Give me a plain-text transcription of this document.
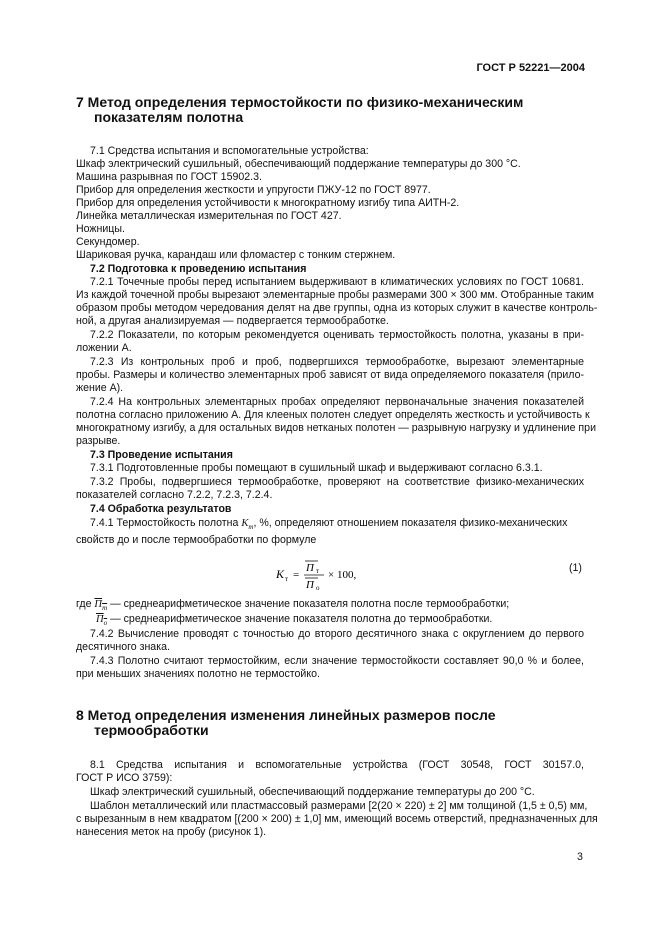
ГОСТ Р 52221—2004
7 Метод определения термостойкости по физико-механическим
показателям полотна
7.1 Средства испытания и вспомогательные устройства:
Шкаф электрический сушильный, обеспечивающий поддержание температуры до 300 °С.
Машина разрывная по ГОСТ 15902.3.
Прибор для определения жесткости и упругости ПЖУ-12 по ГОСТ 8977.
Прибор для определения устойчивости к многократному изгибу типа АИТН-2.
Линейка металлическая измерительная по ГОСТ 427.
Ножницы.
Секундомер.
Шариковая ручка, карандаш или фломастер с тонким стержнем.
7.2 Подготовка к проведению испытания
7.2.1 Точечные пробы перед испытанием выдерживают в климатических условиях по ГОСТ 10681.
Из каждой точечной пробы вырезают элементарные пробы размерами 300 × 300 мм. Отобранные таким
образом пробы методом чередования делят на две группы, одна из которых служит в качестве контроль-
ной, а другая анализируемая — подвергается термообработке.
7.2.2 Показатели, по которым рекомендуется оценивать термостойкость полотна, указаны в при-
ложении А.
7.2.3 Из контрольных проб и проб, подвергшихся термообработке, вырезают элементарные
пробы. Размеры и количество элементарных проб зависят от вида определяемого показателя (прило-
жение А).
7.2.4 На контрольных элементарных пробах определяют первоначальные значения показателей
полотна согласно приложению А. Для клееных полотен следует определять жесткость и устойчивость к
многократному изгибу, а для остальных видов нетканых полотен — разрывную нагрузку и удлинение при
разрыве.
7.3 Проведение испытания
7.3.1 Подготовленные пробы помещают в сушильный шкаф и выдерживают согласно 6.3.1.
7.3.2 Пробы, подвергшиеся термообработке, проверяют на соответствие физико-механических
показателей согласно 7.2.2, 7.2.3, 7.2.4.
7.4 Обработка результатов
7.4.1 Термостойкость полотна $K_т$, %, определяют отношением показателя физико-механических
свойств до и после термообработки по формуле
K т =
П т
П о
× 100,
(1)
где $П_т$ — среднеарифметическое значение показателя полотна после термообработки;
$П_о$ — среднеарифметическое значение показателя полотна до термообработки.
7.4.2 Вычисление проводят с точностью до второго десятичного знака с округлением до первого
десятичного знака.
7.4.3 Полотно считают термостойким, если значение термостойкости составляет 90,0 % и более,
при меньших значениях полотно не термостойко.
8 Метод определения изменения линейных размеров после
термообработки
8.1 Средства испытания и вспомогательные устройства (ГОСТ 30548, ГОСТ 30157.0,
ГОСТ Р ИСО 3759):
Шкаф электрический сушильный, обеспечивающий поддержание температуры до 200 °С.
Шаблон металлический или пластмассовый размерами [2(20 × 220) ± 2] мм толщиной (1,5 ± 0,5) мм,
с вырезанным в нем квадратом [(200 × 200) ± 1,0] мм, имеющий восемь отверстий, предназначенных для
нанесения меток на пробу (рисунок 1).
3
